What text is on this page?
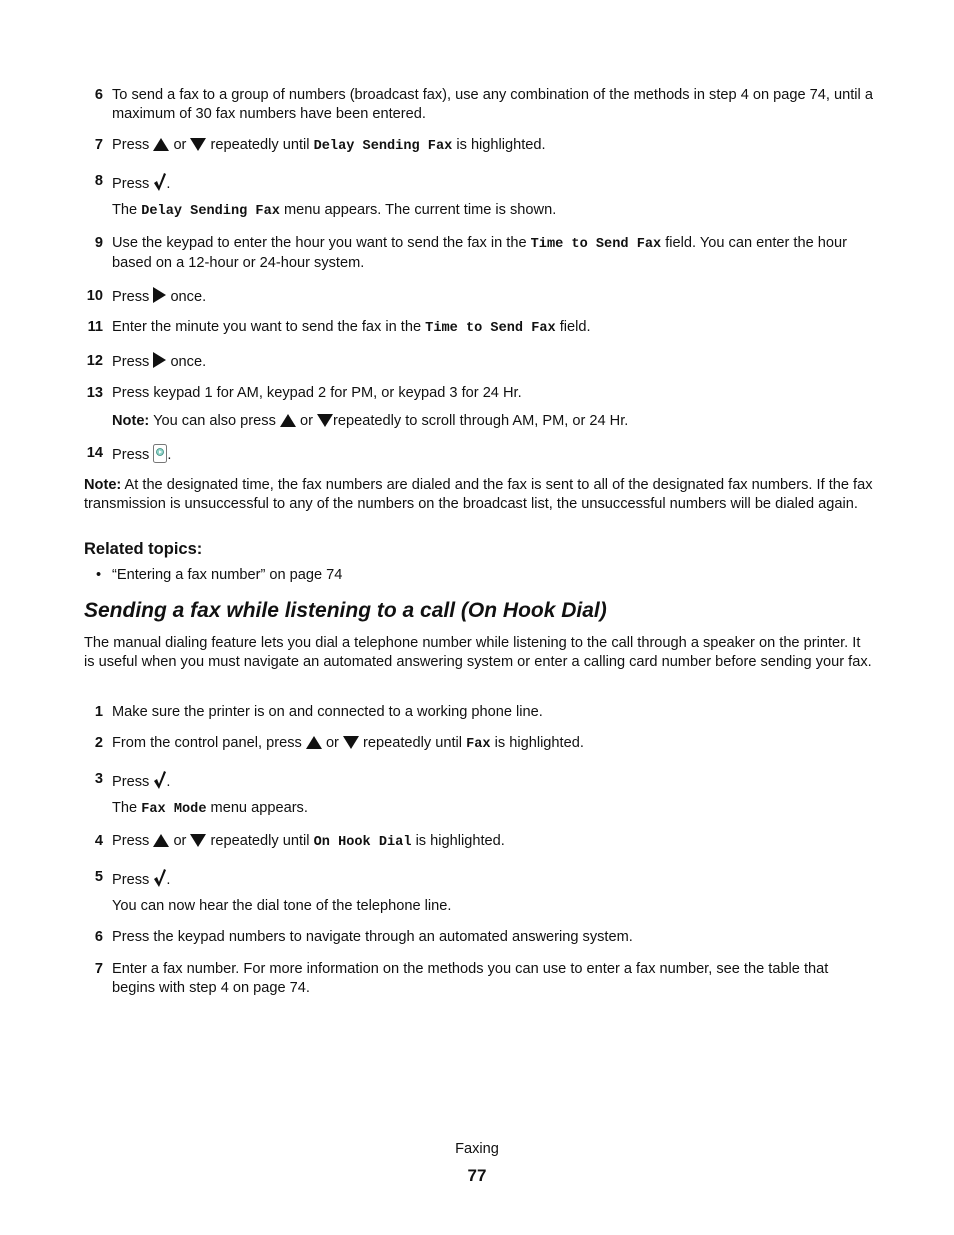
6 To send a fax to a group of numbers (broadcast fax), use any combination of the methods in step 4 on page 74, until a maximum of 30 fax numbers have been entered.
7 Press or repeatedly until Delay Sending Fax is highlighted.
8 Press .
The Delay Sending Fax menu appears. The current time is shown.
9 Use the keypad to enter the hour you want to send the fax in the Time to Send Fax field. You can enter the hour based on a 12-hour or 24-hour system.
10 Press once.
11 Enter the minute you want to send the fax in the Time to Send Fax field.
12 Press once.
13 Press keypad 1 for AM, keypad 2 for PM, or keypad 3 for 24 Hr.
Note: You can also press or repeatedly to scroll through AM, PM, or 24 Hr.
14 Press .
Note: At the designated time, the fax numbers are dialed and the fax is sent to all of the designated fax numbers. If the fax transmission is unsuccessful to any of the numbers on the broadcast list, the unsuccessful numbers will be dialed again.
Related topics:
• “Entering a fax number” on page 74
Sending a fax while listening to a call (On Hook Dial)
The manual dialing feature lets you dial a telephone number while listening to the call through a speaker on the printer. It is useful when you must navigate an automated answering system or enter a calling card number before sending your fax.
1 Make sure the printer is on and connected to a working phone line.
2 From the control panel, press or repeatedly until Fax is highlighted.
3 Press .
The Fax Mode menu appears.
4 Press or repeatedly until On Hook Dial is highlighted.
5 Press .
You can now hear the dial tone of the telephone line.
6 Press the keypad numbers to navigate through an automated answering system.
7 Enter a fax number. For more information on the methods you can use to enter a fax number, see the table that begins with step 4 on page 74.
Faxing
77
